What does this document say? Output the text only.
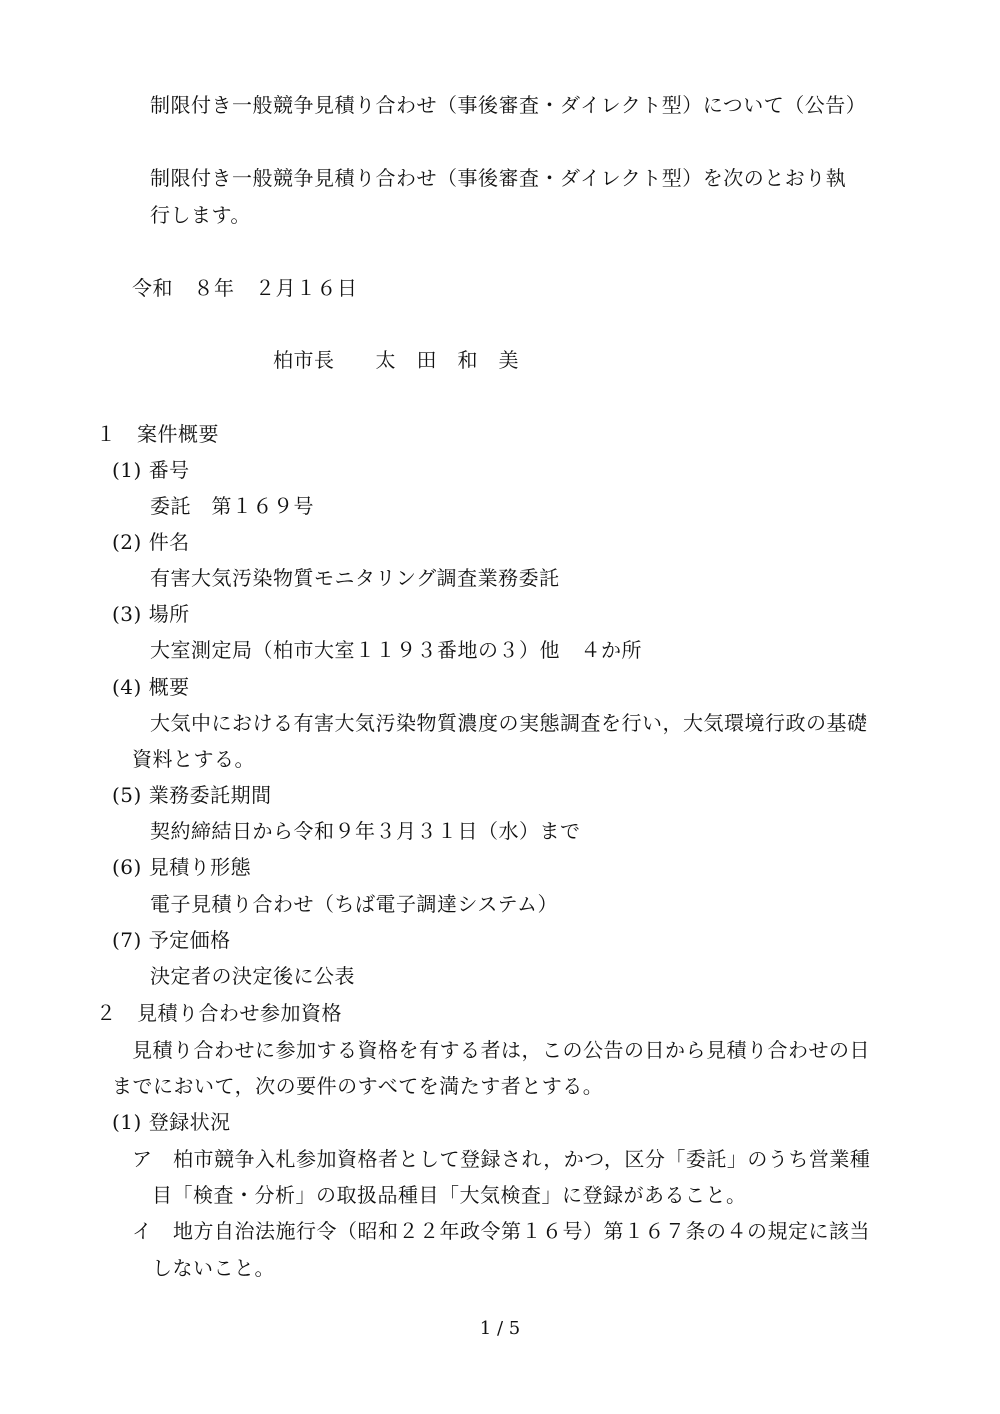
制限付き一般競争見積り合わせ（事後審査・ダイレクト型）について（公告）
制限付き一般競争見積り合わせ（事後審査・ダイレクト型）を次のとおり執
行します。
令和　８年　２月１６日
柏市長　　太　田　和　美
１　案件概要
(1) 番号
委託　第１６９号
(2) 件名
有害大気汚染物質モニタリング調査業務委託
(3) 場所
大室測定局（柏市大室１１９３番地の３）他　４か所
(4) 概要
大気中における有害大気汚染物質濃度の実態調査を行い，大気環境行政の基礎
資料とする。
(5) 業務委託期間
契約締結日から令和９年３月３１日（水）まで
(6) 見積り形態
電子見積り合わせ（ちば電子調達システム）
(7) 予定価格
決定者の決定後に公表
２　見積り合わせ参加資格
見積り合わせに参加する資格を有する者は，この公告の日から見積り合わせの日
までにおいて，次の要件のすべてを満たす者とする。
(1) 登録状況
ア　柏市競争入札参加資格者として登録され，かつ，区分「委託」のうち営業種
目「検査・分析」の取扱品種目「大気検査」に登録があること。
イ　地方自治法施行令（昭和２２年政令第１６号）第１６７条の４の規定に該当
しないこと。
1 / 5
